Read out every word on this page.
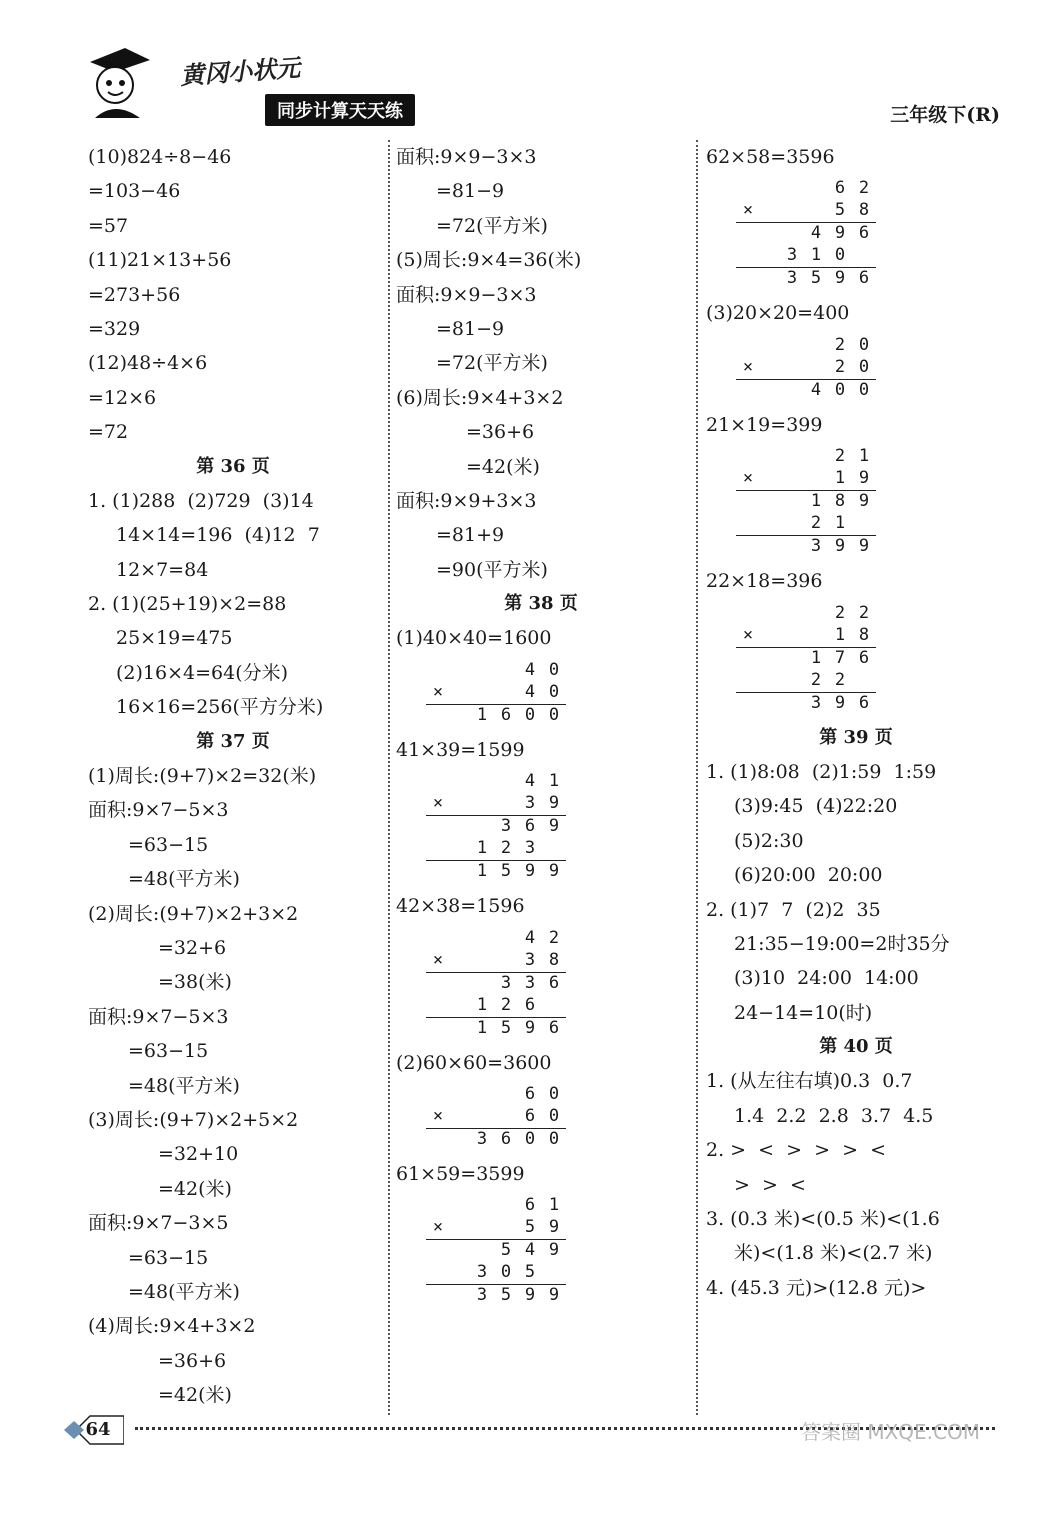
黄冈小状元
同步计算天天练	三年级下(R)
(10)824÷8−46
=103−46
=57
(11)21×13+56
=273+56
=329
(12)48÷4×6
=12×6
=72
第 36 页
1. (1)288  (2)729  (3)14
14×14=196  (4)12  7
12×7=84
2. (1)(25+19)×2=88
25×19=475
(2)16×4=64(分米)
16×16=256(平方分米)
第 37 页
(1)周长:(9+7)×2=32(米)
面积:9×7−5×3
=63−15
=48(平方米)
(2)周长:(9+7)×2+3×2
=32+6
=38(米)
面积:9×7−5×3
=63−15
=48(平方米)
(3)周长:(9+7)×2+5×2
=32+10
=42(米)
面积:9×7−3×5
=63−15
=48(平方米)
(4)周长:9×4+3×2
=36+6
=42(米)
面积:9×9−3×3
=81−9
=72(平方米)
(5)周长:9×4=36(米)
面积:9×9−3×3
=81−9
=72(平方米)
(6)周长:9×4+3×2
=36+6
=42(米)
面积:9×9+3×3
=81+9
=90(平方米)
第 38 页
(1)40×40=1600
4 0
×	4 0
1 6 0 0
41×39=1599
4 1
×	3 9
3 6 9
1 2 3
1 5 9 9
42×38=1596
4 2
×	3 8
3 3 6
1 2 6
1 5 9 6
(2)60×60=3600
6 0
×	6 0
3 6 0 0
61×59=3599
6 1
×	5 9
5 4 9
3 0 5
3 5 9 9
62×58=3596
6 2
×	5 8
4 9 6
3 1 0
3 5 9 6
(3)20×20=400
2 0
×	2 0
4 0 0
21×19=399
2 1
×	1 9
1 8 9
2 1
3 9 9
22×18=396
2 2
×	1 8
1 7 6
2 2
3 9 6
第 39 页
1. (1)8:08  (2)1:59  1:59
(3)9:45  (4)22:20
(5)2:30
(6)20:00  20:00
2. (1)7  7  (2)2  35
21:35−19:00=2时35分
(3)10  24:00  14:00
24−14=10(时)
第 40 页
1. (从左往右填)0.3  0.7
1.4  2.2  2.8  3.7  4.5
2. >  <  >  >  >  <
>  >  <
3. (0.3 米)<(0.5 米)<(1.6
米)<(1.8 米)<(2.7 米)
4. (45.3 元)>(12.8 元)>
64	答案圈 MXQE.COM
